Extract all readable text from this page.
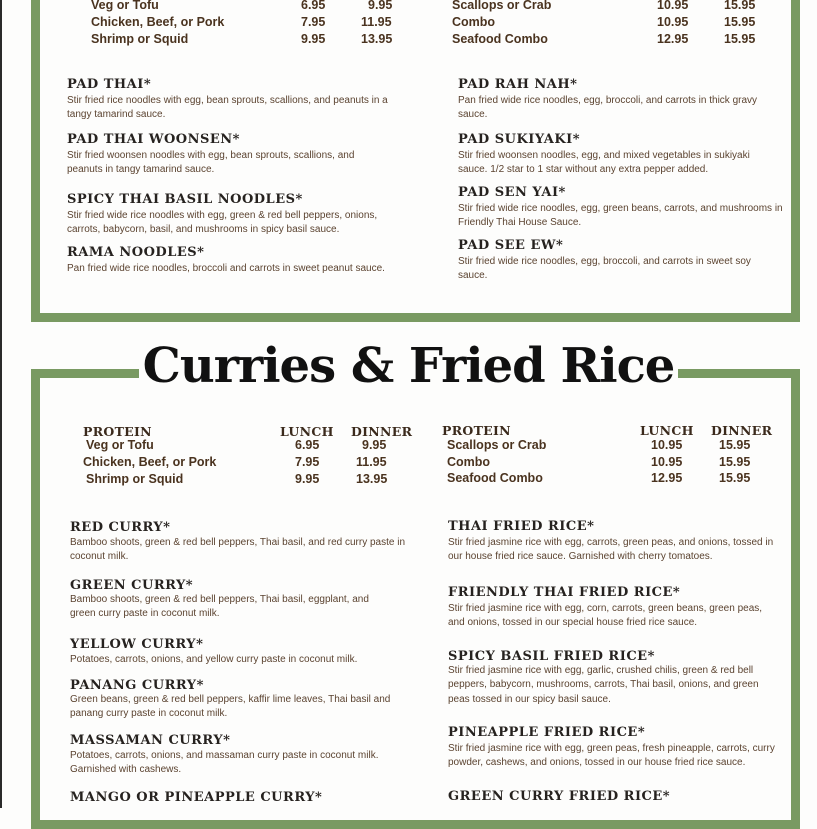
Veg or Tofu	6.95	9.95
Chicken, Beef, or Pork	7.95	11.95
Shrimp or Squid	9.95	13.95
Scallops or Crab	10.95	15.95
Combo	10.95	15.95
Seafood Combo	12.95	15.95
PAD THAI*
Stir fried rice noodles with egg, bean sprouts, scallions, and peanuts in a tangy tamarind sauce.
PAD THAI WOONSEN*
Stir fried woonsen noodles with egg, bean sprouts, scallions, and peanuts in tangy tamarind sauce.
SPICY THAI BASIL NOODLES*
Stir fried wide rice noodles with egg, green & red bell peppers, onions, carrots, babycorn, basil, and mushrooms in spicy basil sauce.
RAMA NOODLES*
Pan fried wide rice noodles, broccoli and carrots in sweet peanut sauce.
PAD RAH NAH*
Pan fried wide rice noodles, egg, broccoli, and carrots in thick gravy sauce.
PAD SUKIYAKI*
Stir fried woonsen noodles, egg, and mixed vegetables in sukiyaki sauce. 1/2 star to 1 star without any extra pepper added.
PAD SEN YAI*
Stir fried wide rice noodles, egg, green beans, carrots, and mushrooms in Friendly Thai House Sauce.
PAD SEE EW*
Stir fried wide rice noodles, egg, broccoli, and carrots in sweet soy sauce.
Curries & Fried Rice
PROTEIN	LUNCH DINNER
Veg or Tofu	6.95	9.95
Chicken, Beef, or Pork	7.95	11.95
Shrimp or Squid	9.95	13.95
PROTEIN	LUNCH DINNER
Scallops or Crab	10.95	15.95
Combo	10.95	15.95
Seafood Combo	12.95	15.95
RED CURRY*
Bamboo shoots, green & red bell peppers, Thai basil, and red curry paste in coconut milk.
GREEN CURRY*
Bamboo shoots, green & red bell peppers, Thai basil, eggplant, and green curry paste in coconut milk.
YELLOW CURRY*
Potatoes, carrots, onions, and yellow curry paste in coconut milk.
PANANG CURRY*
Green beans, green & red bell peppers, kaffir lime leaves, Thai basil and panang curry paste in coconut milk.
MASSAMAN CURRY*
Potatoes, carrots, onions, and massaman curry paste in coconut milk. Garnished with cashews.
MANGO OR PINEAPPLE CURRY*
THAI FRIED RICE*
Stir fried jasmine rice with egg, carrots, green peas, and onions, tossed in our house fried rice sauce. Garnished with cherry tomatoes.
FRIENDLY THAI FRIED RICE*
Stir fried jasmine rice with egg, corn, carrots, green beans, green peas, and onions, tossed in our special house fried rice sauce.
SPICY BASIL FRIED RICE*
Stir fried jasmine rice with egg, garlic, crushed chilis, green & red bell peppers, babycorn, mushrooms, carrots, Thai basil, onions, and green peas tossed in our spicy basil sauce.
PINEAPPLE FRIED RICE*
Stir fried jasmine rice with egg, green peas, fresh pineapple, carrots, curry powder, cashews, and onions, tossed in our house fried rice sauce.
GREEN CURRY FRIED RICE*
